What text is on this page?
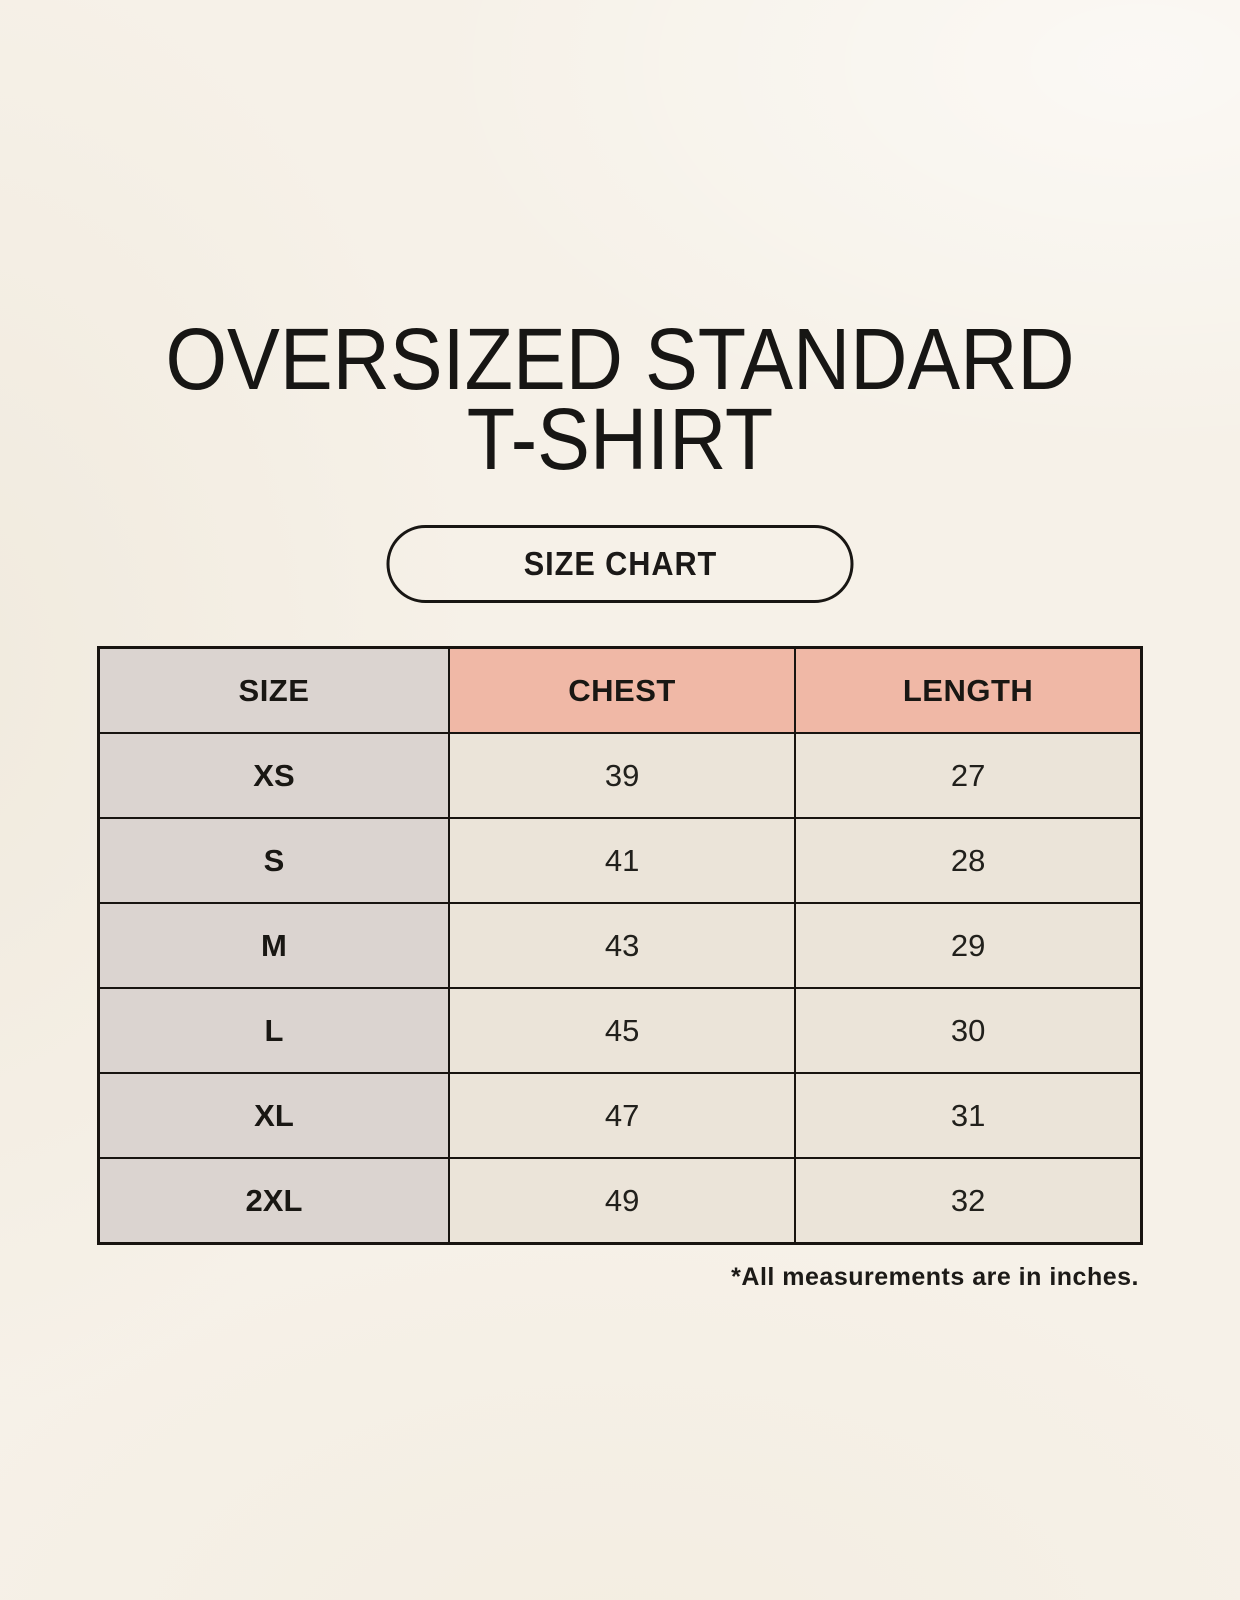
OVERSIZED STANDARD
T-SHIRT
SIZE CHART
SIZE	CHEST	LENGTH
XS	39	27
S	41	28
M	43	29
L	45	30
XL	47	31
2XL	49	32
*All measurements are in inches.
